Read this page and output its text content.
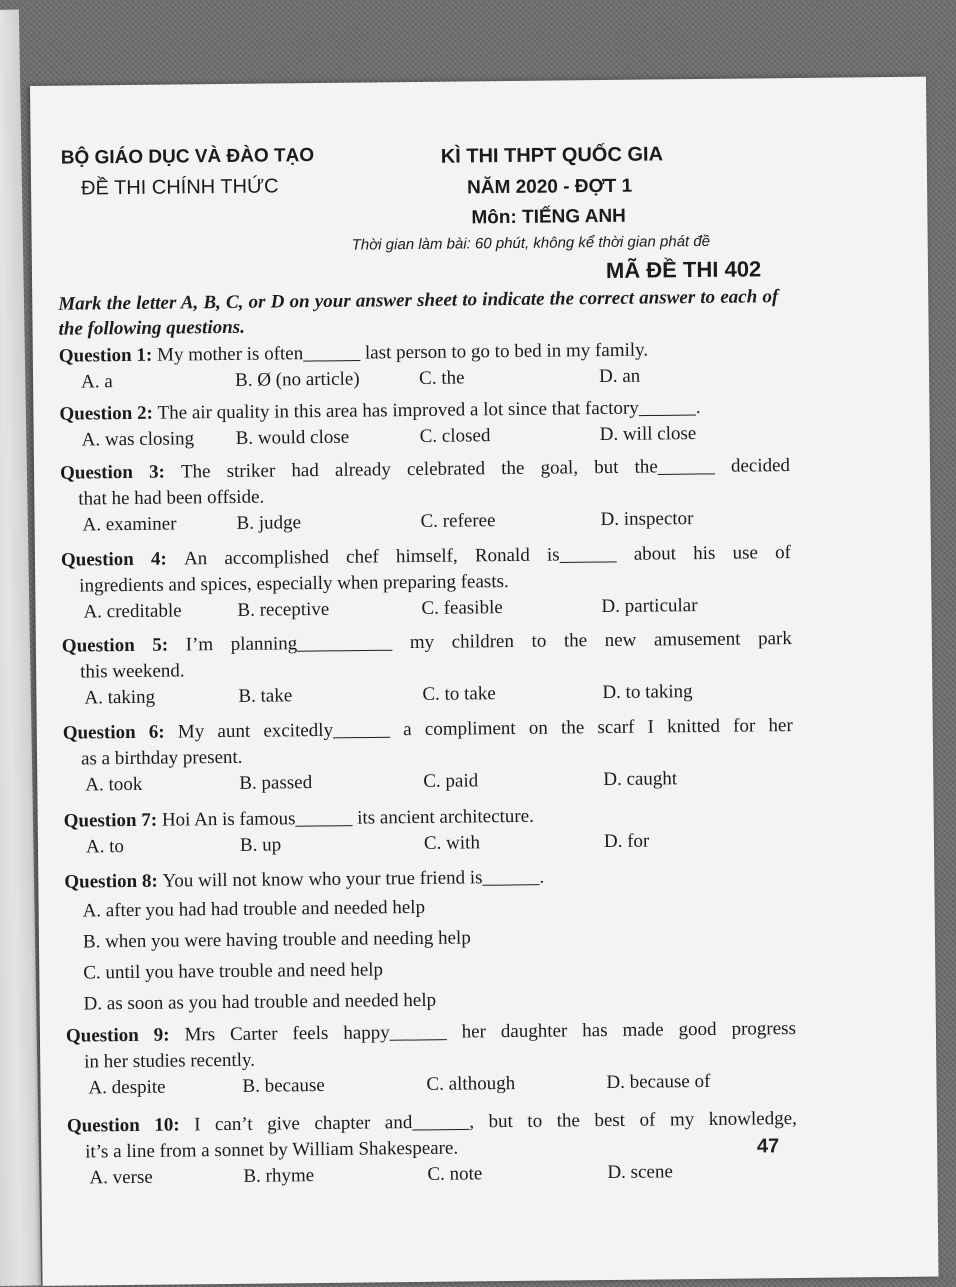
BỘ GIÁO DỤC VÀ ĐÀO TẠO
ĐỀ THI CHÍNH THỨC
KÌ THI THPT QUỐC GIA
NĂM 2020 - ĐỢT 1
Môn: TIẾNG ANH
Thời gian làm bài: 60 phút, không kể thời gian phát đề
MÃ ĐỀ THI 402
Mark the letter A, B, C, or D on your answer sheet to indicate the correct answer to each of the following questions.
Question 1: My mother is often______ last person to go to bed in my family.
A. a	B. Ø (no article)	C. the	D. an
Question 2: The air quality in this area has improved a lot since that factory______.
A. was closing B. would close	C. closed	D. will close
Question 3: The striker had already celebrated the goal, but the______ decided
that he had been offside.
A. examiner	B. judge	C. referee	D. inspector
Question 4: An accomplished chef himself, Ronald is______ about his use of
ingredients and spices, especially when preparing feasts.
A. creditable	B. receptive	C. feasible	D. particular
Question 5: I’m planning__________ my children to the new amusement park
this weekend.
A. taking	B. take	C. to take	D. to taking
Question 6: My aunt excitedly______ a compliment on the scarf I knitted for her
as a birthday present.
A. took	B. passed	C. paid	D. caught
Question 7: Hoi An is famous______ its ancient architecture.
A. to	B. up	C. with	D. for
Question 8: You will not know who your true friend is______.
A. after you had had trouble and needed help
B. when you were having trouble and needing help
C. until you have trouble and need help
D. as soon as you had trouble and needed help
Question 9: Mrs Carter feels happy______ her daughter has made good progress
in her studies recently.
A. despite	B. because	C. although	D. because of
Question 10: I can’t give chapter and______, but to the best of my knowledge,
it’s a line from a sonnet by William Shakespeare.
A. verse	B. rhyme	C. note	D. scene
47
